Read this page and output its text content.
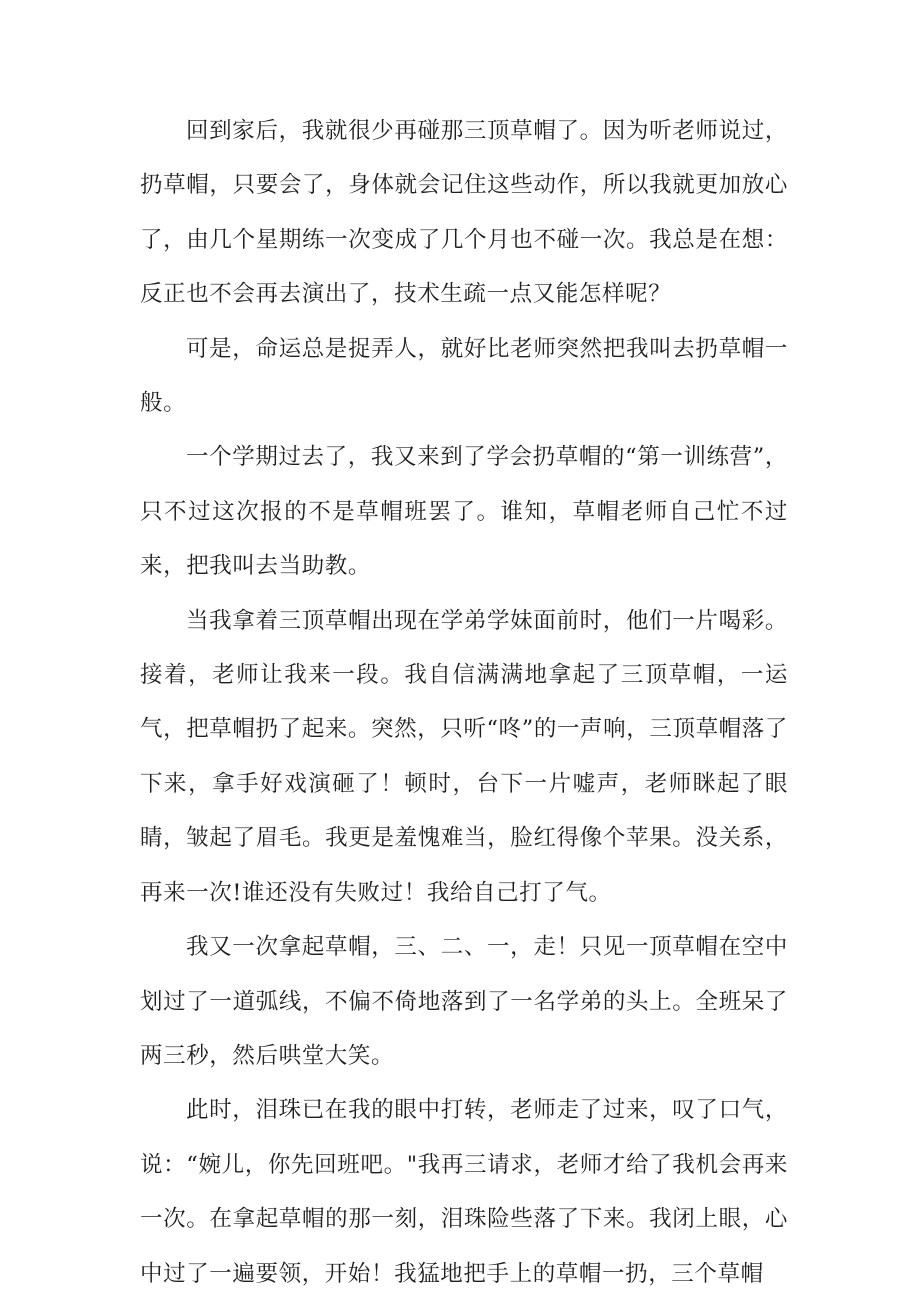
回到家后，我就很少再碰那三顶草帽了。因为听老师说过，扔草帽，只要会了，身体就会记住这些动作，所以我就更加放心了，由几个星期练一次变成了几个月也不碰一次。我总是在想：反正也不会再去演出了，技术生疏一点又能怎样呢？

可是，命运总是捉弄人，就好比老师突然把我叫去扔草帽一般。

一个学期过去了，我又来到了学会扔草帽的“第一训练营”，只不过这次报的不是草帽班罢了。谁知，草帽老师自己忙不过来，把我叫去当助教。

当我拿着三顶草帽出现在学弟学妹面前时，他们一片喝彩。接着，老师让我来一段。我自信满满地拿起了三顶草帽，一运气，把草帽扔了起来。突然，只听“咚”的一声响，三顶草帽落了下来，拿手好戏演砸了！顿时，台下一片嘘声，老师眯起了眼睛，皱起了眉毛。我更是羞愧难当，脸红得像个苹果。没关系，再来一次!谁还没有失败过！我给自己打了气。

我又一次拿起草帽，三、二、一，走！只见一顶草帽在空中划过了一道弧线，不偏不倚地落到了一名学弟的头上。全班呆了两三秒，然后哄堂大笑。

此时，泪珠已在我的眼中打转，老师走了过来，叹了口气，说：“婉儿，你先回班吧。"我再三请求，老师才给了我机会再来一次。在拿起草帽的那一刻，泪珠险些落了下来。我闭上眼，心中过了一遍要领，开始！我猛地把手上的草帽一扔，三个草帽
